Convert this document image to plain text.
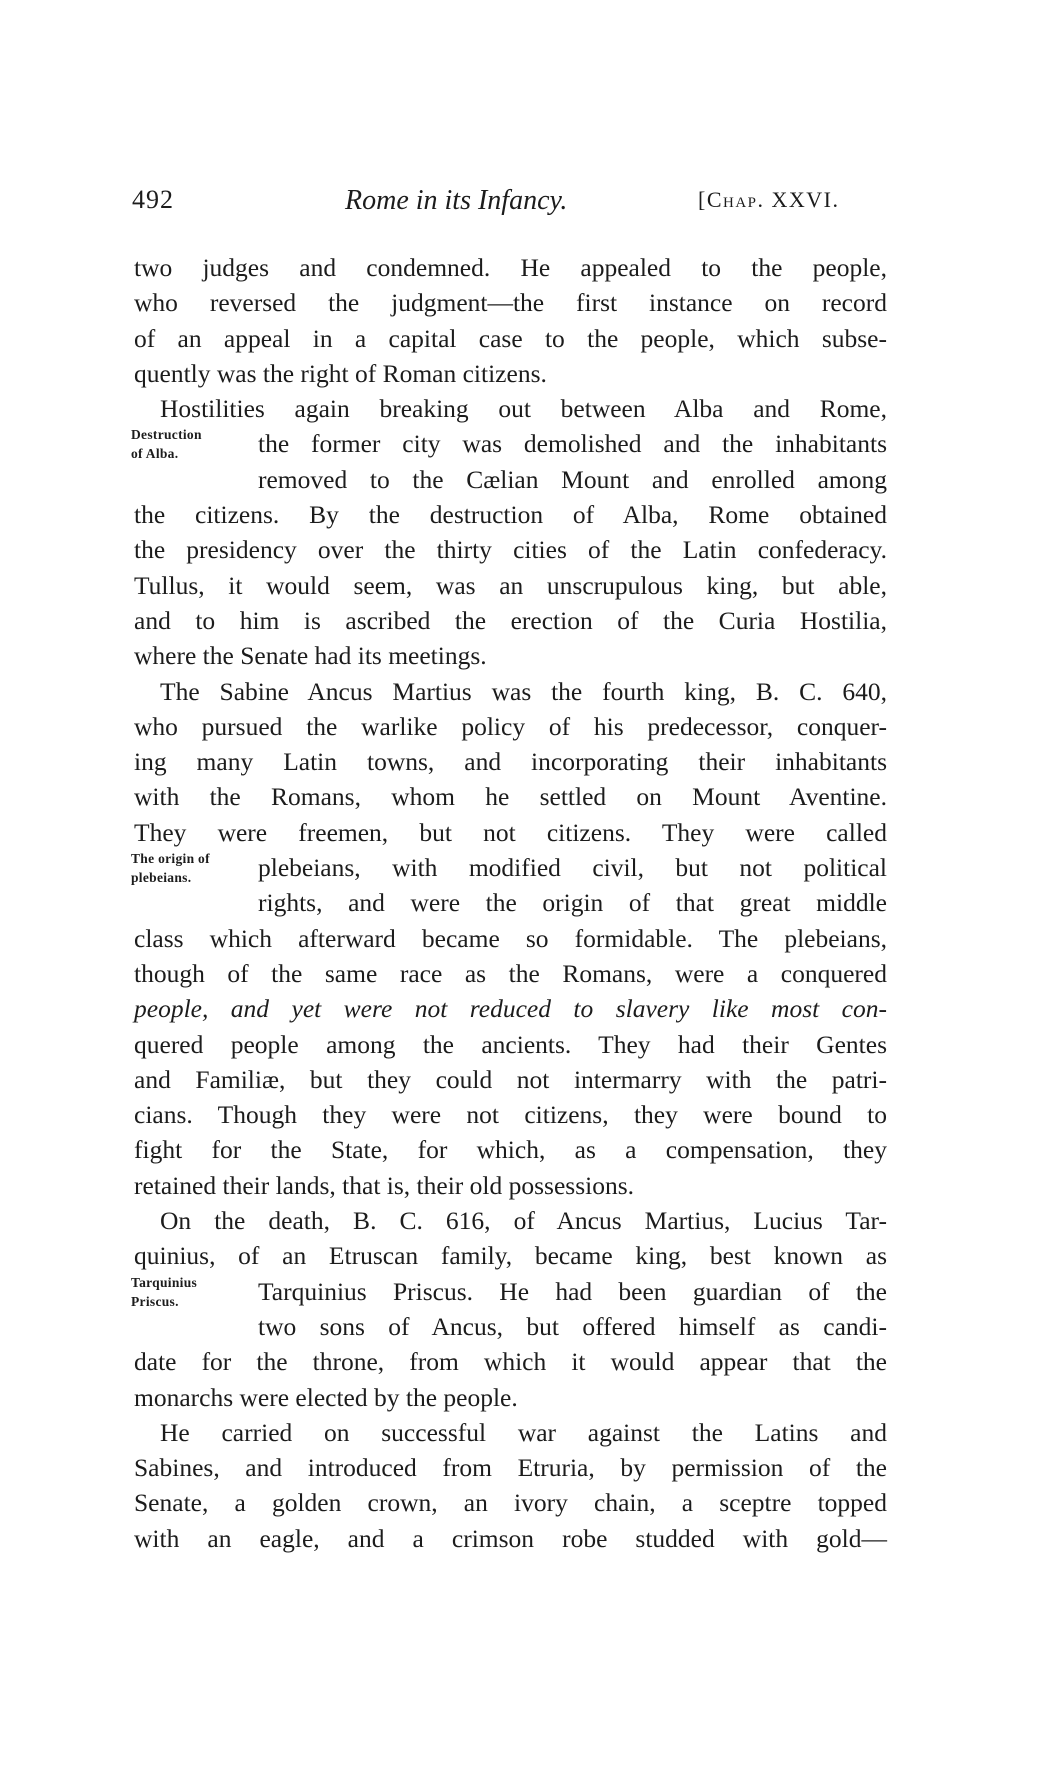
492	Rome in its Infancy.	[Chap. XXVI.
two judges and condemned. He appealed to the people,
who reversed the judgment—the first instance on record
of an appeal in a capital case to the people, which subse-
quently was the right of Roman citizens.
Hostilities again breaking out between Alba and Rome,
the former city was demolished and the inhabitants
removed to the Cælian Mount and enrolled among
the citizens. By the destruction of Alba, Rome obtained
the presidency over the thirty cities of the Latin confederacy.
Tullus, it would seem, was an unscrupulous king, but able,
and to him is ascribed the erection of the Curia Hostilia,
where the Senate had its meetings.
The Sabine Ancus Martius was the fourth king, B. C. 640,
who pursued the warlike policy of his predecessor, conquer-
ing many Latin towns, and incorporating their inhabitants
with the Romans, whom he settled on Mount Aventine.
They were freemen, but not citizens. They were called
plebeians, with modified civil, but not political
rights, and were the origin of that great middle
class which afterward became so formidable. The plebeians,
though of the same race as the Romans, were a conquered
people, and yet were not reduced to slavery like most con-
quered people among the ancients. They had their Gentes
and Familiæ, but they could not intermarry with the patri-
cians. Though they were not citizens, they were bound to
fight for the State, for which, as a compensation, they
retained their lands, that is, their old possessions.
On the death, B. C. 616, of Ancus Martius, Lucius Tar-
quinius, of an Etruscan family, became king, best known as
Tarquinius Priscus. He had been guardian of the
two sons of Ancus, but offered himself as candi-
date for the throne, from which it would appear that the
monarchs were elected by the people.
He carried on successful war against the Latins and
Sabines, and introduced from Etruria, by permission of the
Senate, a golden crown, an ivory chain, a sceptre topped
with an eagle, and a crimson robe studded with gold—
Destruction
of Alba.
The origin of
plebeians.
Tarquinius
Priscus.
